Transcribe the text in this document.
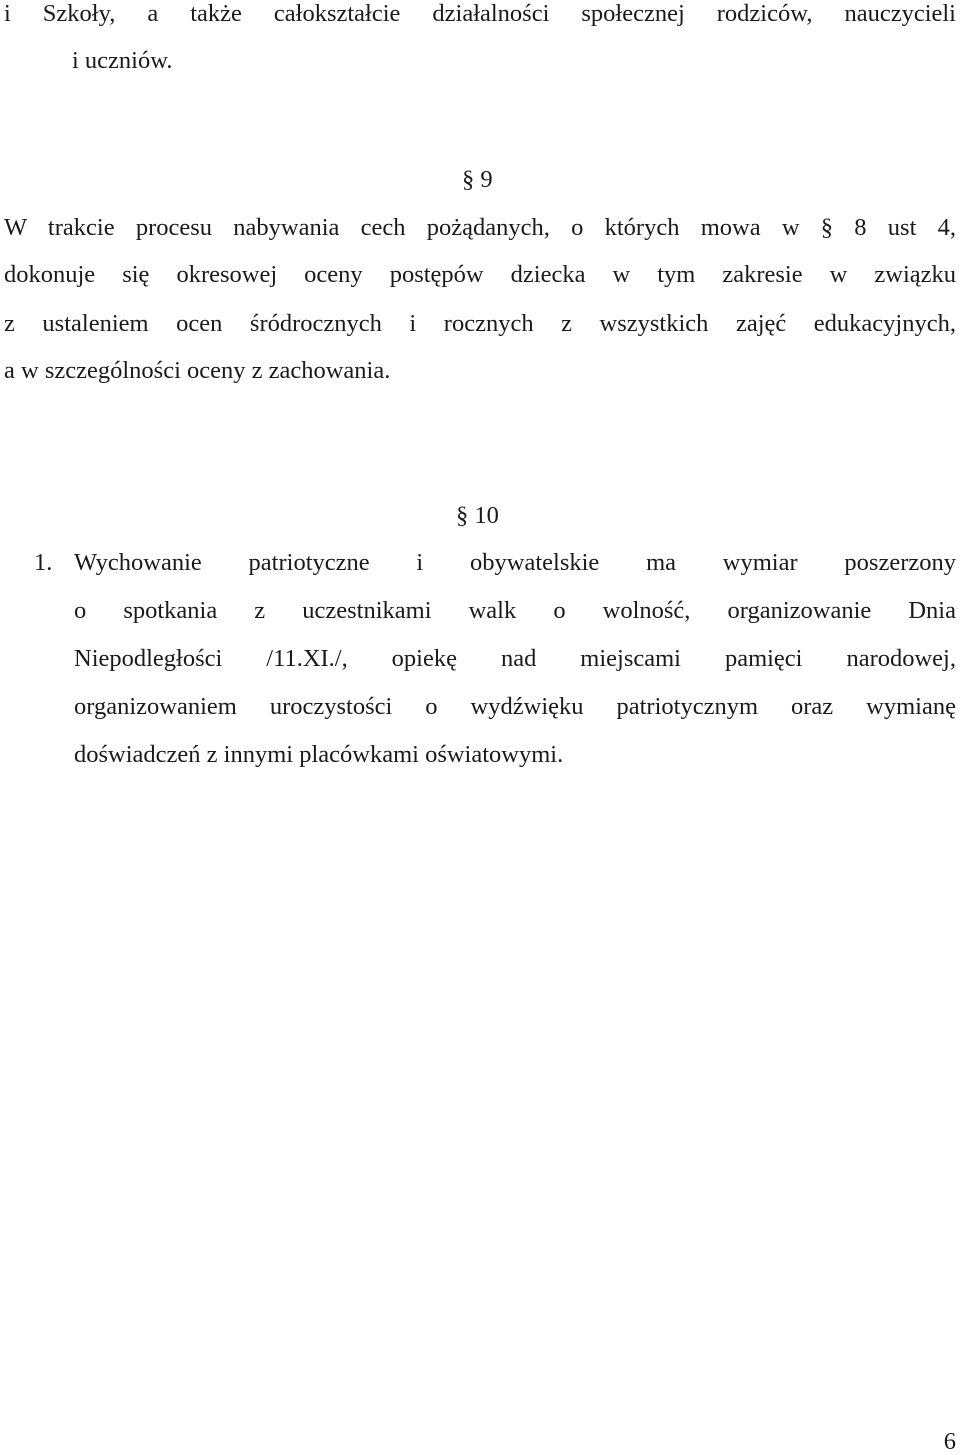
i Szkoły, a także całokształcie działalności społecznej rodziców, nauczycieli
i uczniów.
§ 9
W trakcie procesu nabywania cech pożądanych, o których mowa w § 8 ust 4,
dokonuje się okresowej oceny postępów dziecka w tym zakresie w związku
z ustaleniem ocen śródrocznych i rocznych z wszystkich zajęć edukacyjnych,
a w szczególności oceny z zachowania.
§ 10
1. Wychowanie patriotyczne i obywatelskie ma wymiar poszerzony
o spotkania z uczestnikami walk o wolność, organizowanie Dnia
Niepodległości /11.XI./, opiekę nad miejscami pamięci narodowej,
organizowaniem uroczystości o wydźwięku patriotycznym oraz wymianę
doświadczeń z innymi placówkami oświatowymi.
6
